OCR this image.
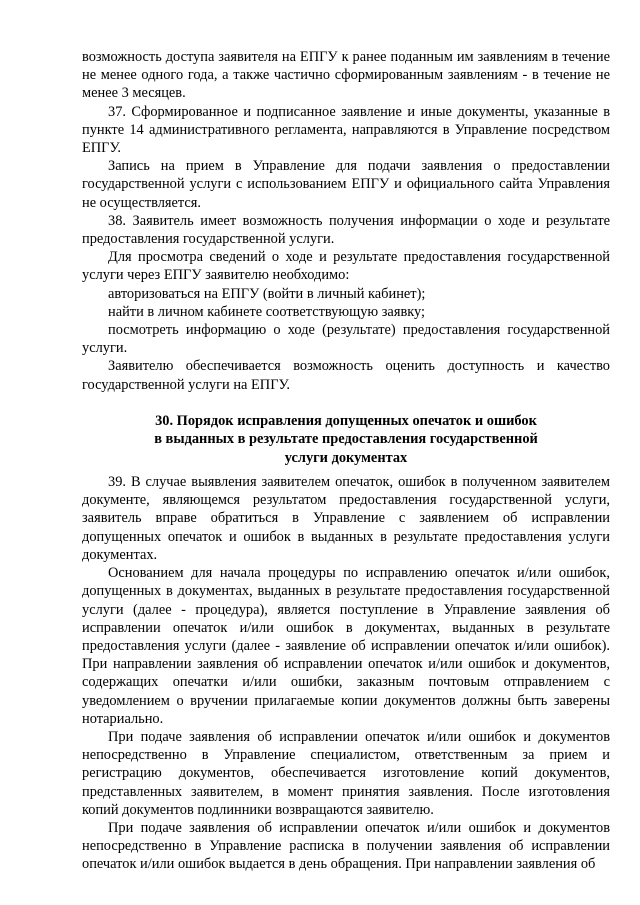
возможность доступа заявителя на ЕПГУ к ранее поданным им заявлениям в течение не менее одного года, а также частично сформированным заявлениям - в течение не менее 3 месяцев.

37. Сформированное и подписанное заявление и иные документы, указанные в пункте 14 административного регламента, направляются в Управление посредством ЕПГУ.

Запись на прием в Управление для подачи заявления о предоставлении государственной услуги с использованием ЕПГУ и официального сайта Управления не осуществляется.

38. Заявитель имеет возможность получения информации о ходе и результате предоставления государственной услуги.

Для просмотра сведений о ходе и результате предоставления государственной услуги через ЕПГУ заявителю необходимо:

авторизоваться на ЕПГУ (войти в личный кабинет);

найти в личном кабинете соответствующую заявку;

посмотреть информацию о ходе (результате) предоставления государственной услуги.

Заявителю обеспечивается возможность оценить доступность и качество государственной услуги на ЕПГУ.

30. Порядок исправления допущенных опечаток и ошибок
в выданных в результате предоставления государственной
услуги документах

39. В случае выявления заявителем опечаток, ошибок в полученном заявителем документе, являющемся результатом предоставления государственной услуги, заявитель вправе обратиться в Управление с заявлением об исправлении допущенных опечаток и ошибок в выданных в результате предоставления услуги документах.

Основанием для начала процедуры по исправлению опечаток и/или ошибок, допущенных в документах, выданных в результате предоставления государственной услуги (далее - процедура), является поступление в Управление заявления об исправлении опечаток и/или ошибок в документах, выданных в результате предоставления услуги (далее - заявление об исправлении опечаток и/или ошибок). При направлении заявления об исправлении опечаток и/или ошибок и документов, содержащих опечатки и/или ошибки, заказным почтовым отправлением с уведомлением о вручении прилагаемые копии документов должны быть заверены нотариально.

При подаче заявления об исправлении опечаток и/или ошибок и документов непосредственно в Управление специалистом, ответственным за прием и регистрацию документов, обеспечивается изготовление копий документов, представленных заявителем, в момент принятия заявления. После изготовления копий документов подлинники возвращаются заявителю.

При подаче заявления об исправлении опечаток и/или ошибок и документов непосредственно в Управление расписка в получении заявления об исправлении опечаток и/или ошибок выдается в день обращения. При направлении заявления об
